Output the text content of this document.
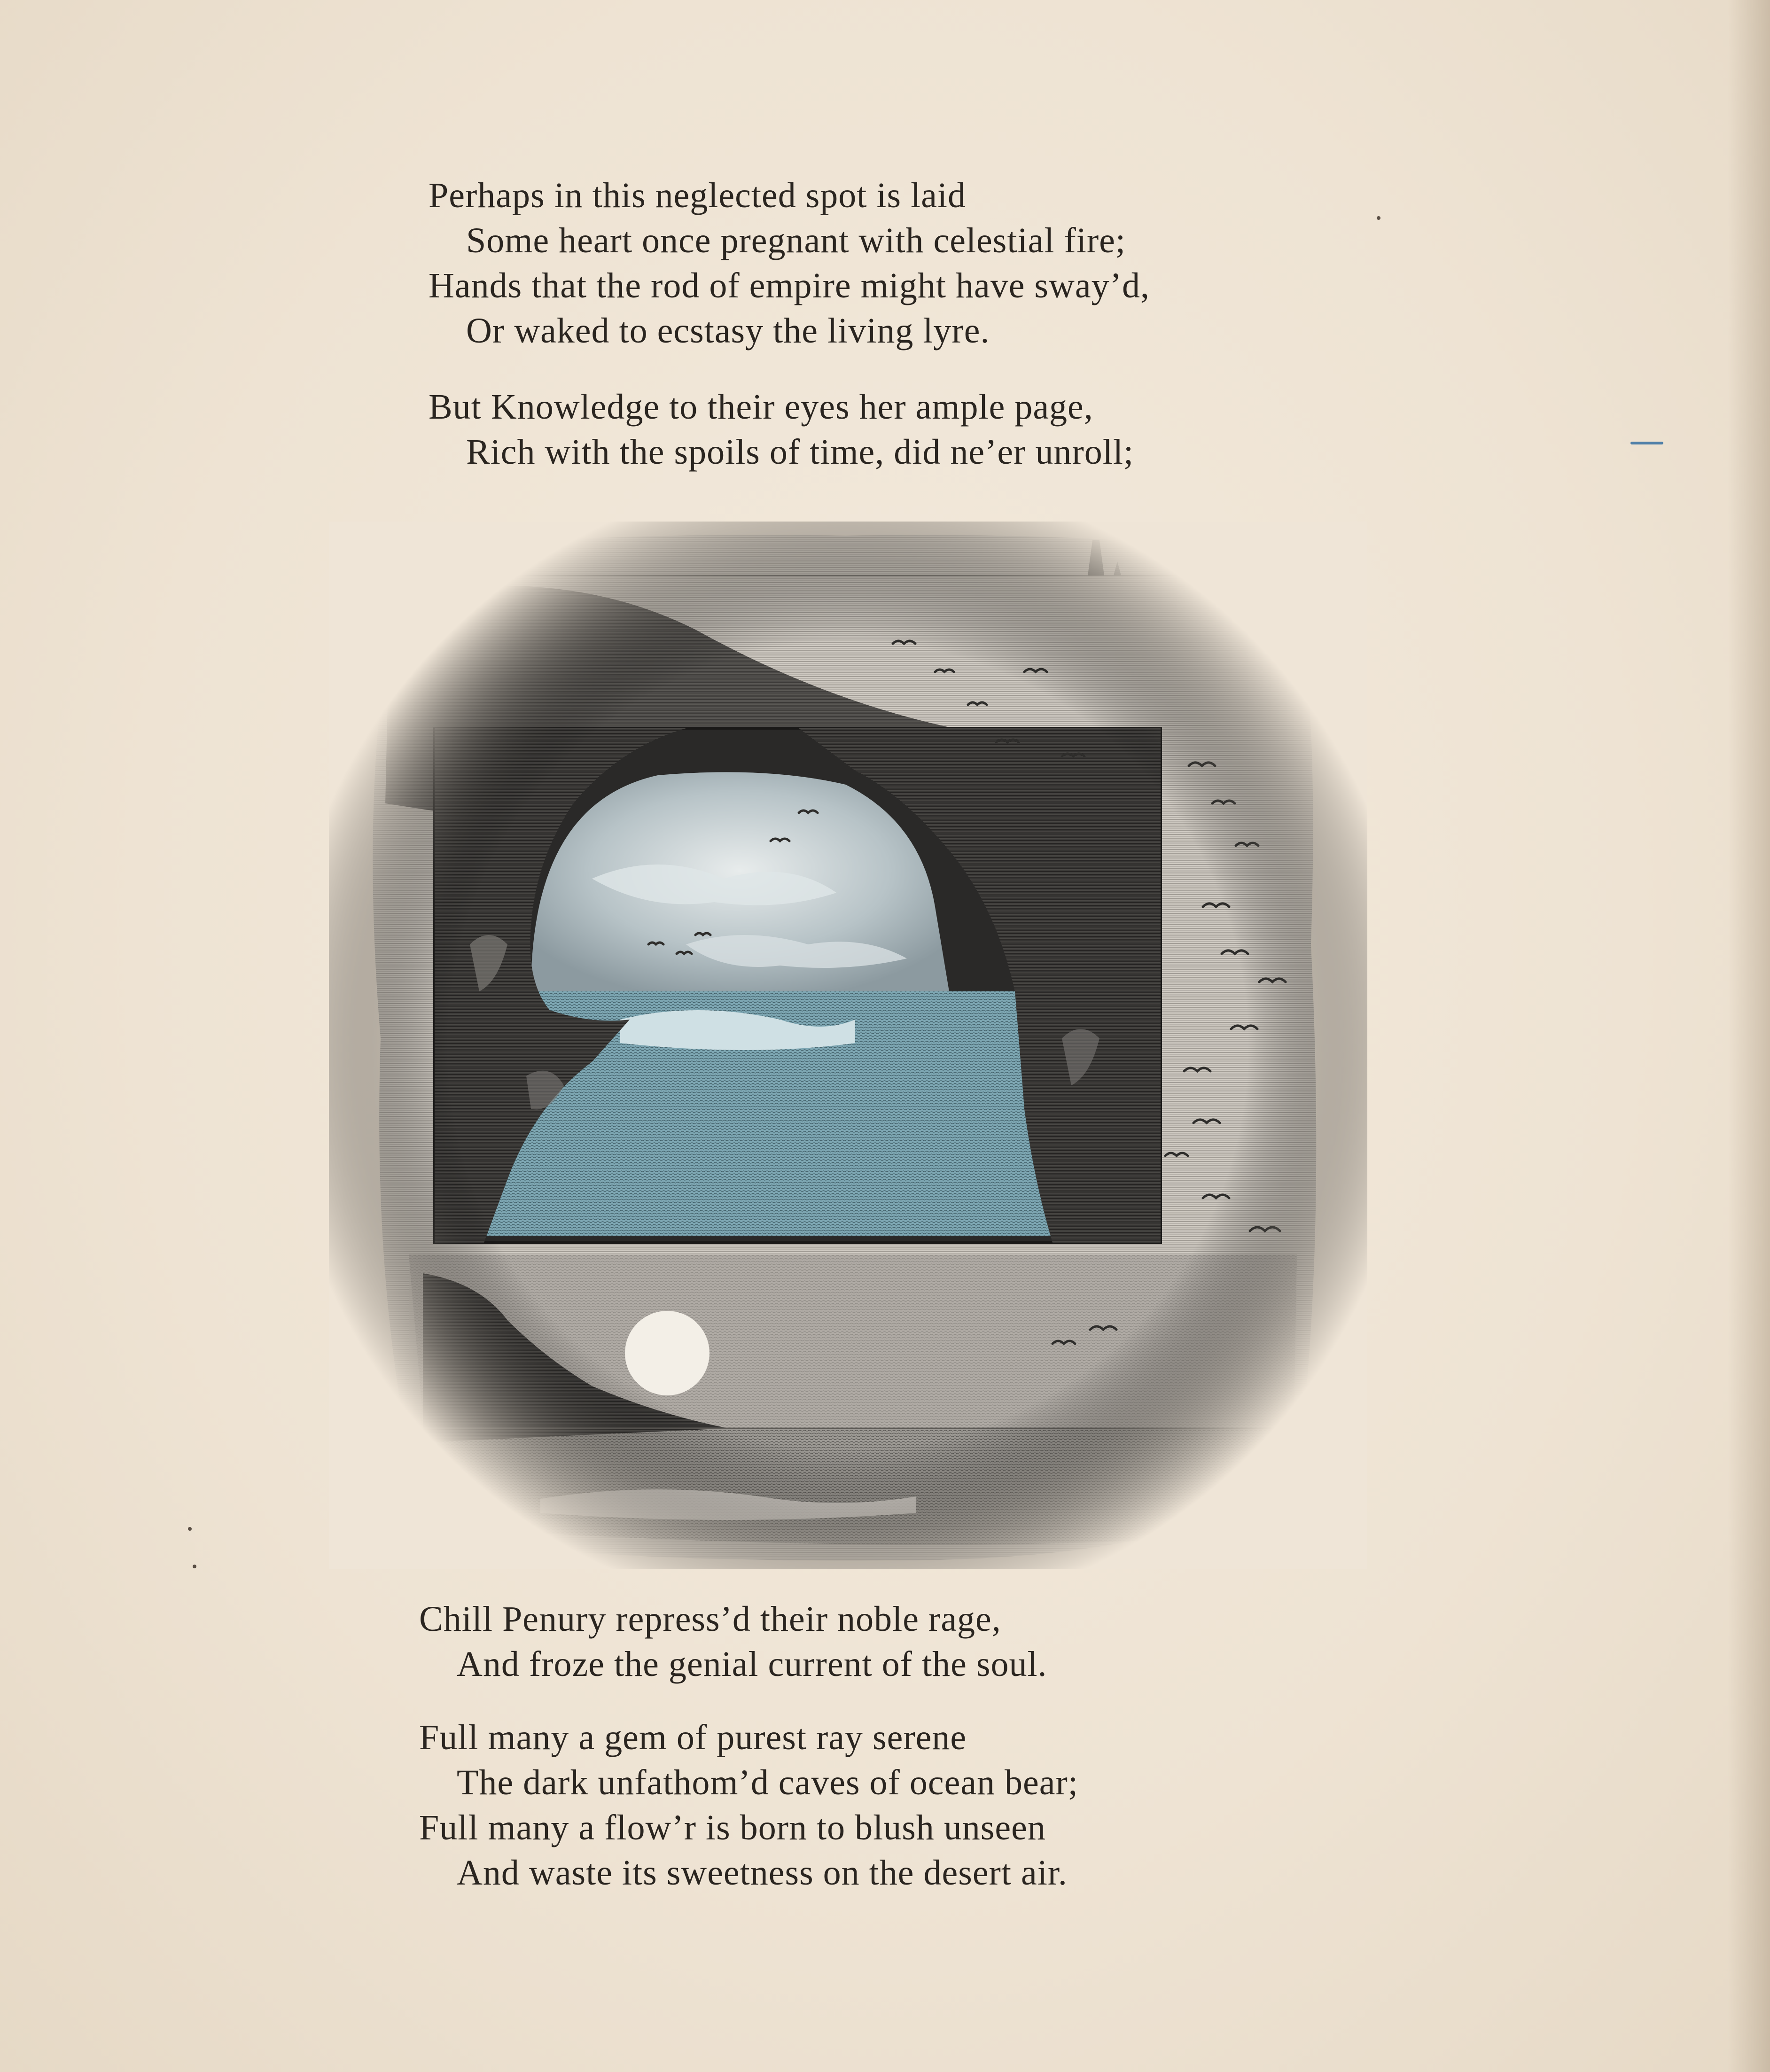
Perhaps in this neglected spot is laid
Some heart once pregnant with celestial fire;
Hands that the rod of empire might have sway’d,
Or waked to ecstasy the living lyre.
But Knowledge to their eyes her ample page,
Rich with the spoils of time, did ne’er unroll;
Chill Penury repress’d their noble rage,
And froze the genial current of the soul.
Full many a gem of purest ray serene
The dark unfathom’d caves of ocean bear;
Full many a flow’r is born to blush unseen
And waste its sweetness on the desert air.
